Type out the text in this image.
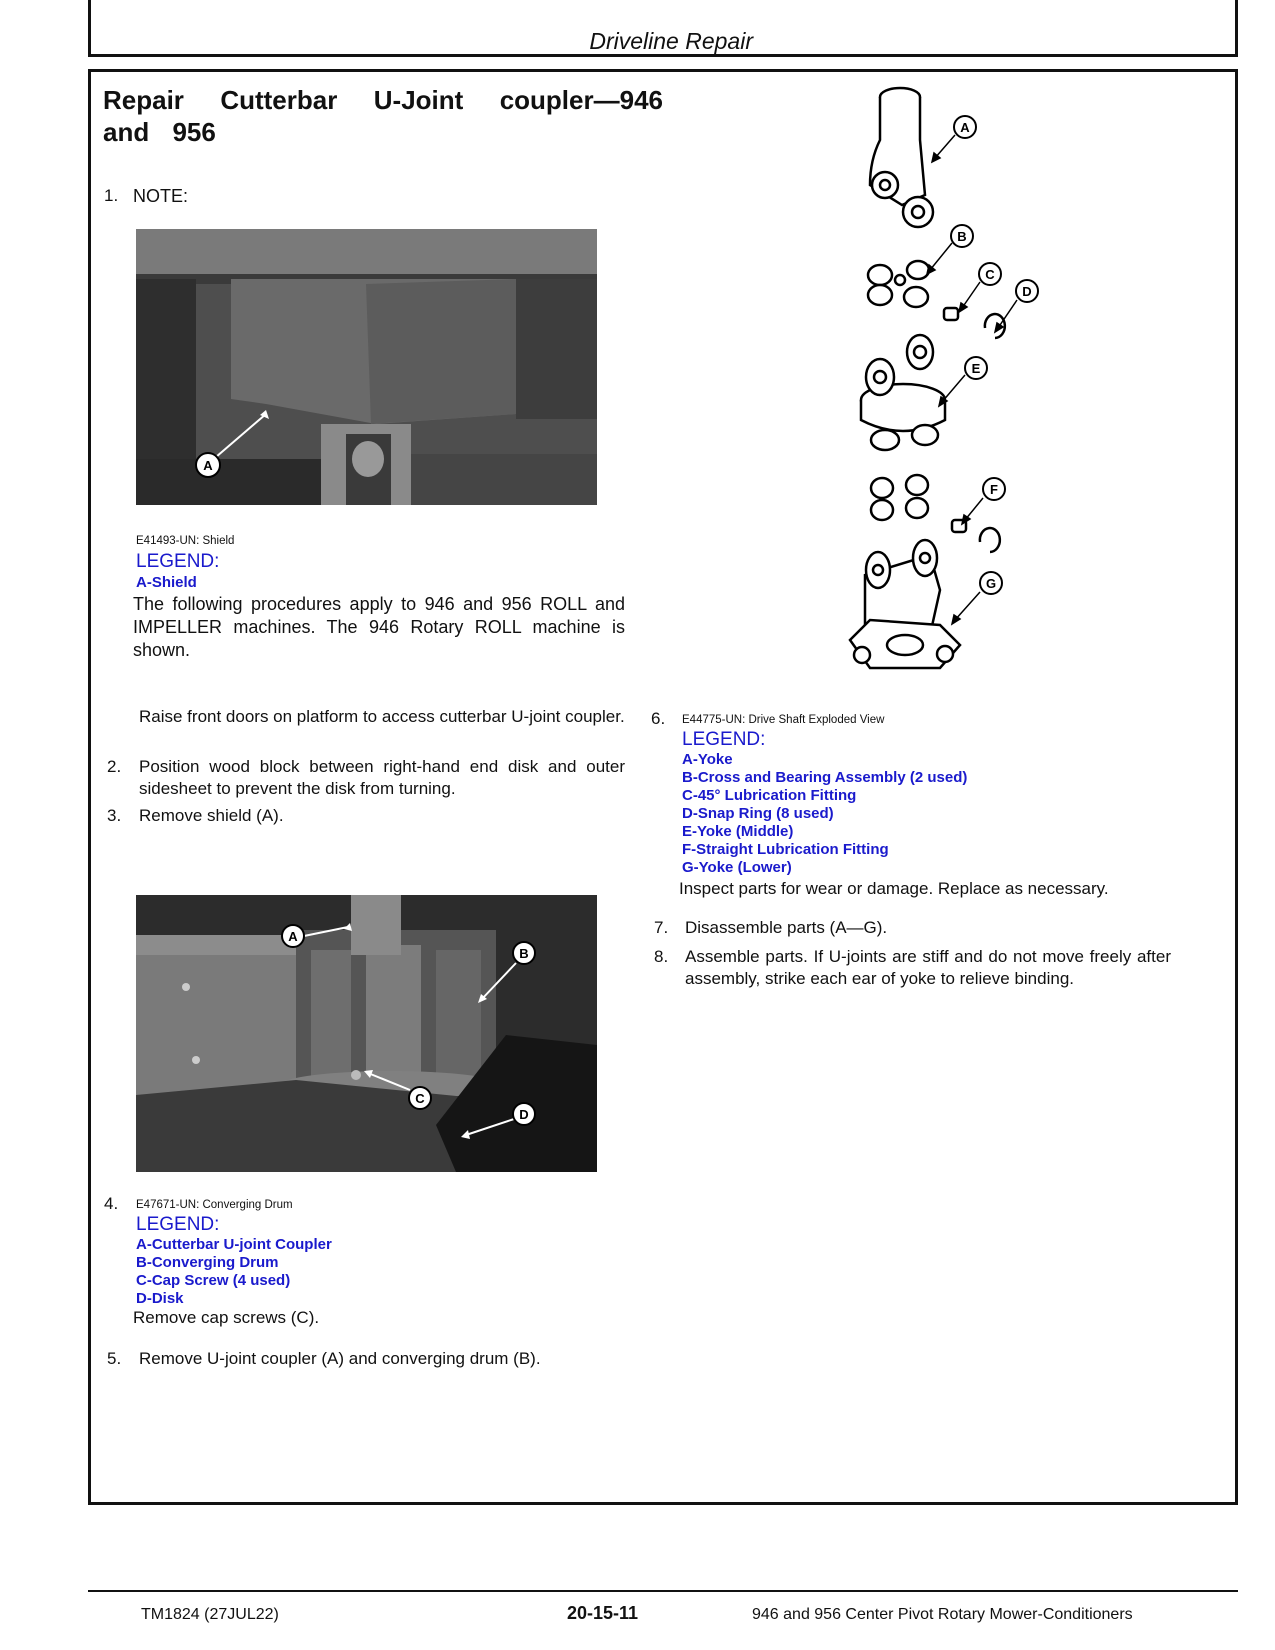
Driveline Repair
Repair Cutterbar U-Joint coupler—946 and 956
1. NOTE:
A
E41493-UN: Shield
LEGEND:
A-Shield
The following procedures apply to 946 and 956 ROLL and IMPELLER machines. The 946 Rotary ROLL machine is shown.
Raise front doors on platform to access cutterbar U-joint coupler.
2. Position wood block between right-hand end disk and outer sidesheet to prevent the disk from turning.
3. Remove shield (A).
A
B
C
D
4. E47671-UN: Converging Drum
LEGEND:
A-Cutterbar U-joint Coupler
B-Converging Drum
C-Cap Screw (4 used)
D-Disk
Remove cap screws (C).
5. Remove U-joint coupler (A) and converging drum (B).
A
B
C
D
E
F
G
6. E44775-UN: Drive Shaft Exploded View
LEGEND:
A-Yoke
B-Cross and Bearing Assembly (2 used)
C-45° Lubrication Fitting
D-Snap Ring (8 used)
E-Yoke (Middle)
F-Straight Lubrication Fitting
G-Yoke (Lower)
Inspect parts for wear or damage. Replace as necessary.
7. Disassemble parts (A—G).
8. Assemble parts. If U-joints are stiff and do not move freely after assembly, strike each ear of yoke to relieve binding.
TM1824 (27JUL22)	20-15-11	946 and 956 Center Pivot Rotary Mower-Conditioners
